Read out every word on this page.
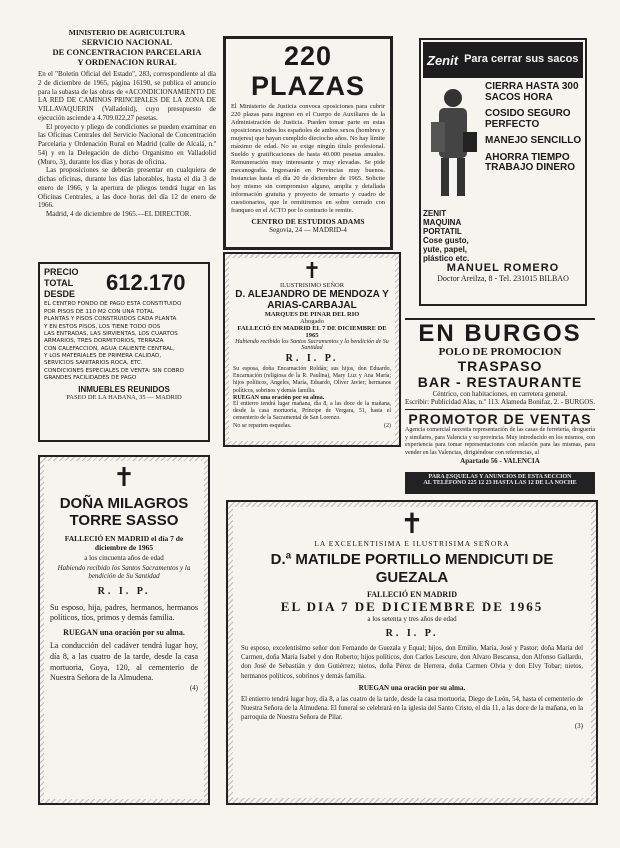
MINISTERIO DE AGRICULTURA
SERVICIO NACIONAL
DE CONCENTRACION PARCELARIA
Y ORDENACION RURAL
En el "Boletín Oficial del Estado", 283, correspondiente al día 2 de diciembre de 1965, página 16190, se publica el anuncio para la subasta de las obras de «ACONDICIONAMIENTO DE LA RED DE CAMINOS PRINCIPALES DE LA ZONA DE VILLAVAQUERIN (Valladolid), cuyo presupuesto de ejecución asciende a 4.709.022,27 pesetas.
El proyecto y pliego de condiciones se pueden examinar en las Oficinas Centrales del Servicio Nacional de Concentración Parcelaria y Ordenación Rural en Madrid (calle de Alcalá, n.º 54) y en la Delegación de dicho Organismo en Valladolid (Muro, 3), durante los días y horas de oficina.
Las proposiciones se deberán presentar en cualquiera de dichas oficinas, durante los días laborables, hasta el día 3 de enero de 1966, y la apertura de pliegos tendrá lugar en las Oficinas Centrales, a las doce horas del día 12 de enero de 1966.
Madrid, 4 de diciembre de 1965.—EL DIRECTOR.
220 PLAZAS
El Ministerio de Justicia convoca oposiciones para cubrir 220 plazas para ingreso en el Cuerpo de Auxiliares de la Administración de Justicia. Pueden tomar parte en estas oposiciones todos los españoles de ambos sexos (hombres y mujeres) que hayan cumplido dieciocho años. No hay límite máximo de edad. No se exige ningún título profesional. Sueldo y gratificaciones de hasta 40.000 pesetas anuales. Remuneración muy interesante y muy elevadas. Se pide mecanografía. Ingresarán en Provincias muy buenos. Instancias hasta el día 20 de diciembre de 1965. Solicite hoy mismo sin compromiso alguno, amplia y detallada información gratuita y proyecto de temario y cuadro de cuestionarios, que le remitiremos en sobre cerrado con franqueo en el ACTO por lo contrario le remite.
CENTRO DE ESTUDIOS ADAMS
Segovia, 24 — MADRID-4
Zenit Para cerrar sus sacos
ZENIT MAQUINA PORTATIL Cose gusto, yute, papel, plástico etc.
CIERRA HASTA 300 SACOS HORA
COSIDO SEGURO PERFECTO
MANEJO SENCILLO
AHORRA TIEMPO TRABAJO DINERO
MANUEL ROMERO
Doctor Areilza, 8 - Tel. 231015 BILBAO
PRECIO TOTAL
DESDE	612.170
EL CENTRO FONDO DE PAGO ESTA CONSTITUIDO
POR PISOS DE 110 M2 CON UNA TOTAL
PLANTAS Y PISOS CONSTRUIDOS CADA PLANTA
Y EN ESTOS PISOS, LOS TIENE TODO DOS
LAS ENTRADAS, LAS SIRVIENTAS, LOS CUARTOS
ARMARIOS, TRES DORMITORIOS, TERRAZA
CON CALEFACCION, AGUA CALIENTE CENTRAL,
Y LOS MATERIALES DE PRIMERA CALIDAD,
SERVICIOS SANITARIOS ROCA, ETC.
CONDICIONES ESPECIALES DE VENTA: SIN COBRO
GRANDES FACILIDADES DE PAGO
INMUEBLES REUNIDOS
PASEO DE LA HABANA, 35 — MADRID
✝
ILUSTRISIMO SEÑOR
D. ALEJANDRO DE MENDOZA Y ARIAS-CARBAJAL
MARQUES DE PINAR DEL RIO
Abogado
FALLECIÓ EN MADRID EL 7 DE DICIEMBRE DE 1965
Habiendo recibido los Santos Sacramentos y la bendición de Su Santidad
R. I. P.
Su esposa, doña Encarnación Roldán; sus hijos, don Eduardo, Encarnación (religiosa de la R. Paulina), Mary Luz y Ana María; hijos políticos, Angeles, María, Eduardo, Oliver Javier; hermanos políticos, sobrinos y demás familia.
RUEGAN una oración por su alma.
El entierro tendrá lugar mañana, día 8, a las doce de la mañana, desde la casa mortuoria, Príncipe de Vergara, 51, hasta el cementerio de la Sacramental de San Lorenzo.
No se reparten esquelas.	(2)
EN BURGOS
POLO DE PROMOCION
TRASPASO
BAR - RESTAURANTE
Céntrico, con habitaciones, en carretera general.
Escribir: Publicidad Alas, n.º 113. Alameda Bonifaz, 2. - BURGOS.
PROMOTOR DE VENTAS
Agencia comercial necesita representación de las casas de ferretería, droguería y similares, para Valencia y su provincia. Muy introducido en los mismos, con experiencia para tomar representaciones con relación para las mismas, para vender en las Valencias, dirigiéndose con referencias, al
Apartado 56 - VALENCIA
PARA ESQUELAS Y ANUNCIOS DE ESTA SECCION
AL TELÉFONO 225 12 23 HASTA LAS 12 DE LA NOCHE
✝
DOÑA MILAGROS TORRE SASSO
FALLECIÓ EN MADRID el día 7 de diciembre de 1965
a los cincuenta años de edad
Habiendo recibido los Santos Sacramentos y la bendición de Su Santidad
R. I. P.
Su esposo, hija, padres, hermanos, hermanos políticos, tíos, primos y demás familia.
RUEGAN una oración por su alma.
La conducción del cadáver tendrá lugar hoy, día 8, a las cuatro de la tarde, desde la casa mortuoria, Goya, 120, al cementerio de Nuestra Señora de la Almudena.
(4)
✝
LA EXCELENTISIMA E ILUSTRISIMA SEÑORA
D.ª MATILDE PORTILLO MENDICUTI DE GUEZALA
FALLECIÓ EN MADRID
EL DIA 7 DE DICIEMBRE DE 1965
a los setenta y tres años de edad
R. I. P.
Su esposo, excelentísimo señor don Fernando de Guezala y Equal; hijos, don Emilio, María, José y Pastor; doña María del Carmen, doña María Isabel y don Roberto; hijos políticos, don Carlos Lescure, don Alvaro Bescansa, don Alfonso Gallardo, don José de Sebastián y don Gutiérrez; nietos, doña Pérez de Herrera, doña Carmen Olvia y don Elvy Tobar; nietos, hermanos políticos, sobrinos y demás familia.
RUEGAN una oración por su alma.
El entierro tendrá lugar hoy, día 8, a las cuatro de la tarde, desde la casa mortuoria, Diego de León, 54, hasta el cementerio de Nuestra Señora de la Almudena. El funeral se celebrará en la iglesia del Santo Cristo, el día 11, a las doce de la mañana, en la parroquia de Nuestra Señora de Pilar.
(3)
